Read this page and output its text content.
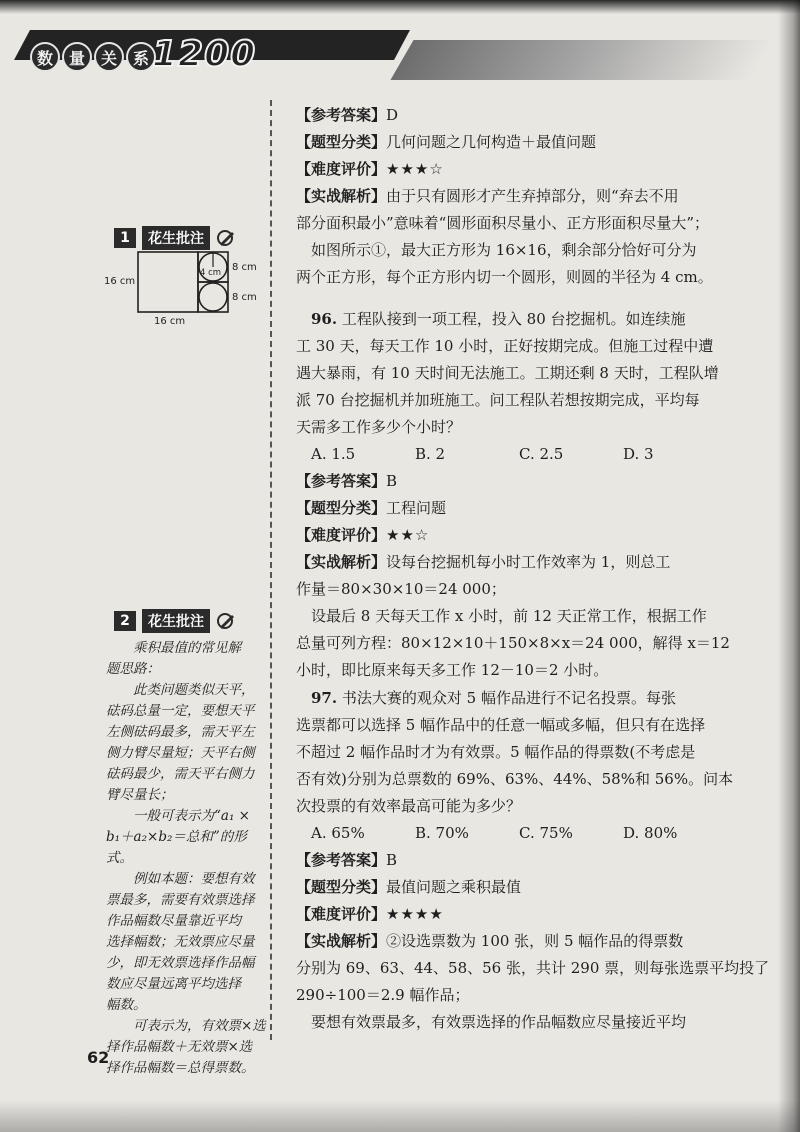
数 量 关 系 1200
1	花生批注
16 cm
16 cm
4 cm 8 cm
8 cm
2	花生批注

乘积最值的常见解

题思路：

此类问题类似天平，

砝码总量一定，要想天平

左侧砝码最多，需天平左

侧力臂尽量短；天平右侧

砝码最少，需天平右侧力

臂尽量长；

一般可表示为“a₁ ×

b₁＋a₂×b₂＝总和”的形式。

例如本题：要想有效

票最多，需要有效票选择

作品幅数尽量靠近平均

选择幅数；无效票应尽量

少，即无效票选择作品幅

数应尽量远离平均选择

幅数。

可表示为，有效票×选

择作品幅数＋无效票×选

择作品幅数＝总得票数。

【参考答案】D
【题型分类】几何问题之几何构造＋最值问题
【难度评价】★★★☆
【实战解析】由于只有圆形才产生弃掉部分，则“弃去不用
部分面积最小”意味着“圆形面积尽量小、正方形面积尽量大”；
如图所示①，最大正方形为 16×16，剩余部分恰好可分为
两个正方形，每个正方形内切一个圆形，则圆的半径为 4 cm。
96. 工程队接到一项工程，投入 80 台挖掘机。如连续施
工 30 天，每天工作 10 小时，正好按期完成。但施工过程中遭
遇大暴雨，有 10 天时间无法施工。工期还剩 8 天时，工程队增
派 70 台挖掘机并加班施工。问工程队若想按期完成，平均每
天需多工作多少个小时？
A. 1.5	B. 2	C. 2.5	D. 3
【参考答案】B
【题型分类】工程问题
【难度评价】★★☆
【实战解析】设每台挖掘机每小时工作效率为 1，则总工
作量＝80×30×10＝24 000；
设最后 8 天每天工作 x 小时，前 12 天正常工作，根据工作
总量可列方程：80×12×10＋150×8×x＝24 000，解得 x＝12
小时，即比原来每天多工作 12－10＝2 小时。
97. 书法大赛的观众对 5 幅作品进行不记名投票。每张
选票都可以选择 5 幅作品中的任意一幅或多幅，但只有在选择
不超过 2 幅作品时才为有效票。5 幅作品的得票数(不考虑是
否有效)分别为总票数的 69%、63%、44%、58%和 56%。问本
次投票的有效率最高可能为多少？
A. 65%	B. 70%	C. 75%	D. 80%
【参考答案】B
【题型分类】最值问题之乘积最值
【难度评价】★★★★
【实战解析】②设选票数为 100 张，则 5 幅作品的得票数
分别为 69、63、44、58、56 张，共计 290 票，则每张选票平均投了
290÷100＝2.9 幅作品；
要想有效票最多，有效票选择的作品幅数应尽量接近平均
62
